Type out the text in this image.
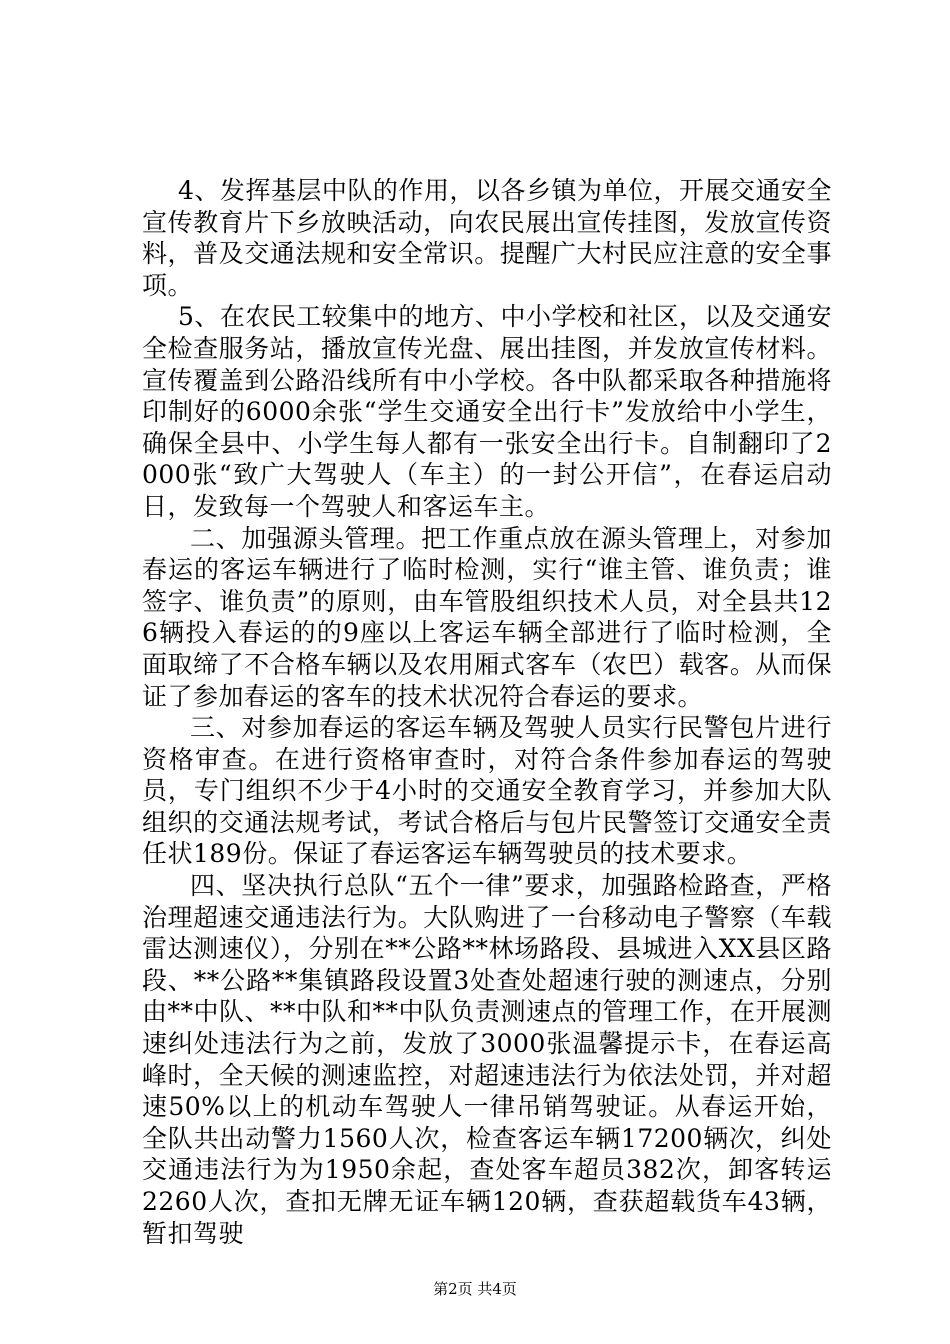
4、发挥基层中队的作用，以各乡镇为单位，开展交通安全宣传教育片下乡放映活动，向农民展出宣传挂图，发放宣传资料，普及交通法规和安全常识。提醒广大村民应注意的安全事项。

5、在农民工较集中的地方、中小学校和社区，以及交通安全检查服务站，播放宣传光盘、展出挂图，并发放宣传材料。宣传覆盖到公路沿线所有中小学校。各中队都采取各种措施将印制好的6000余张“学生交通安全出行卡”发放给中小学生，确保全县中、小学生每人都有一张安全出行卡。自制翻印了2000张“致广大驾驶人（车主）的一封公开信”，在春运启动日，发致每一个驾驶人和客运车主。

二、加强源头管理。把工作重点放在源头管理上，对参加春运的客运车辆进行了临时检测，实行“谁主管、谁负责；谁签字、谁负责”的原则，由车管股组织技术人员，对全县共126辆投入春运的的9座以上客运车辆全部进行了临时检测，全面取缔了不合格车辆以及农用厢式客车（农巴）载客。从而保证了参加春运的客车的技术状况符合春运的要求。

三、对参加春运的客运车辆及驾驶人员实行民警包片进行资格审查。在进行资格审查时，对符合条件参加春运的驾驶员，专门组织不少于4小时的交通安全教育学习，并参加大队组织的交通法规考试，考试合格后与包片民警签订交通安全责任状189份。保证了春运客运车辆驾驶员的技术要求。

四、坚决执行总队“五个一律”要求，加强路检路查，严格治理超速交通违法行为。大队购进了一台移动电子警察（车载雷达测速仪），分别在**公路**林场路段、县城进入XX县区路段、**公路**集镇路段设置3处查处超速行驶的测速点，分别由**中队、**中队和**中队负责测速点的管理工作，在开展测速纠处违法行为之前，发放了3000张温馨提示卡，在春运高峰时，全天候的测速监控，对超速违法行为依法处罚，并对超速50%以上的机动车驾驶人一律吊销驾驶证。从春运开始，全队共出动警力1560人次，检查客运车辆17200辆次，纠处交通违法行为为1950余起，查处客车超员382次，卸客转运2260人次，查扣无牌无证车辆120辆，查获超载货车43辆，暂扣驾驶

第2页 共4页
